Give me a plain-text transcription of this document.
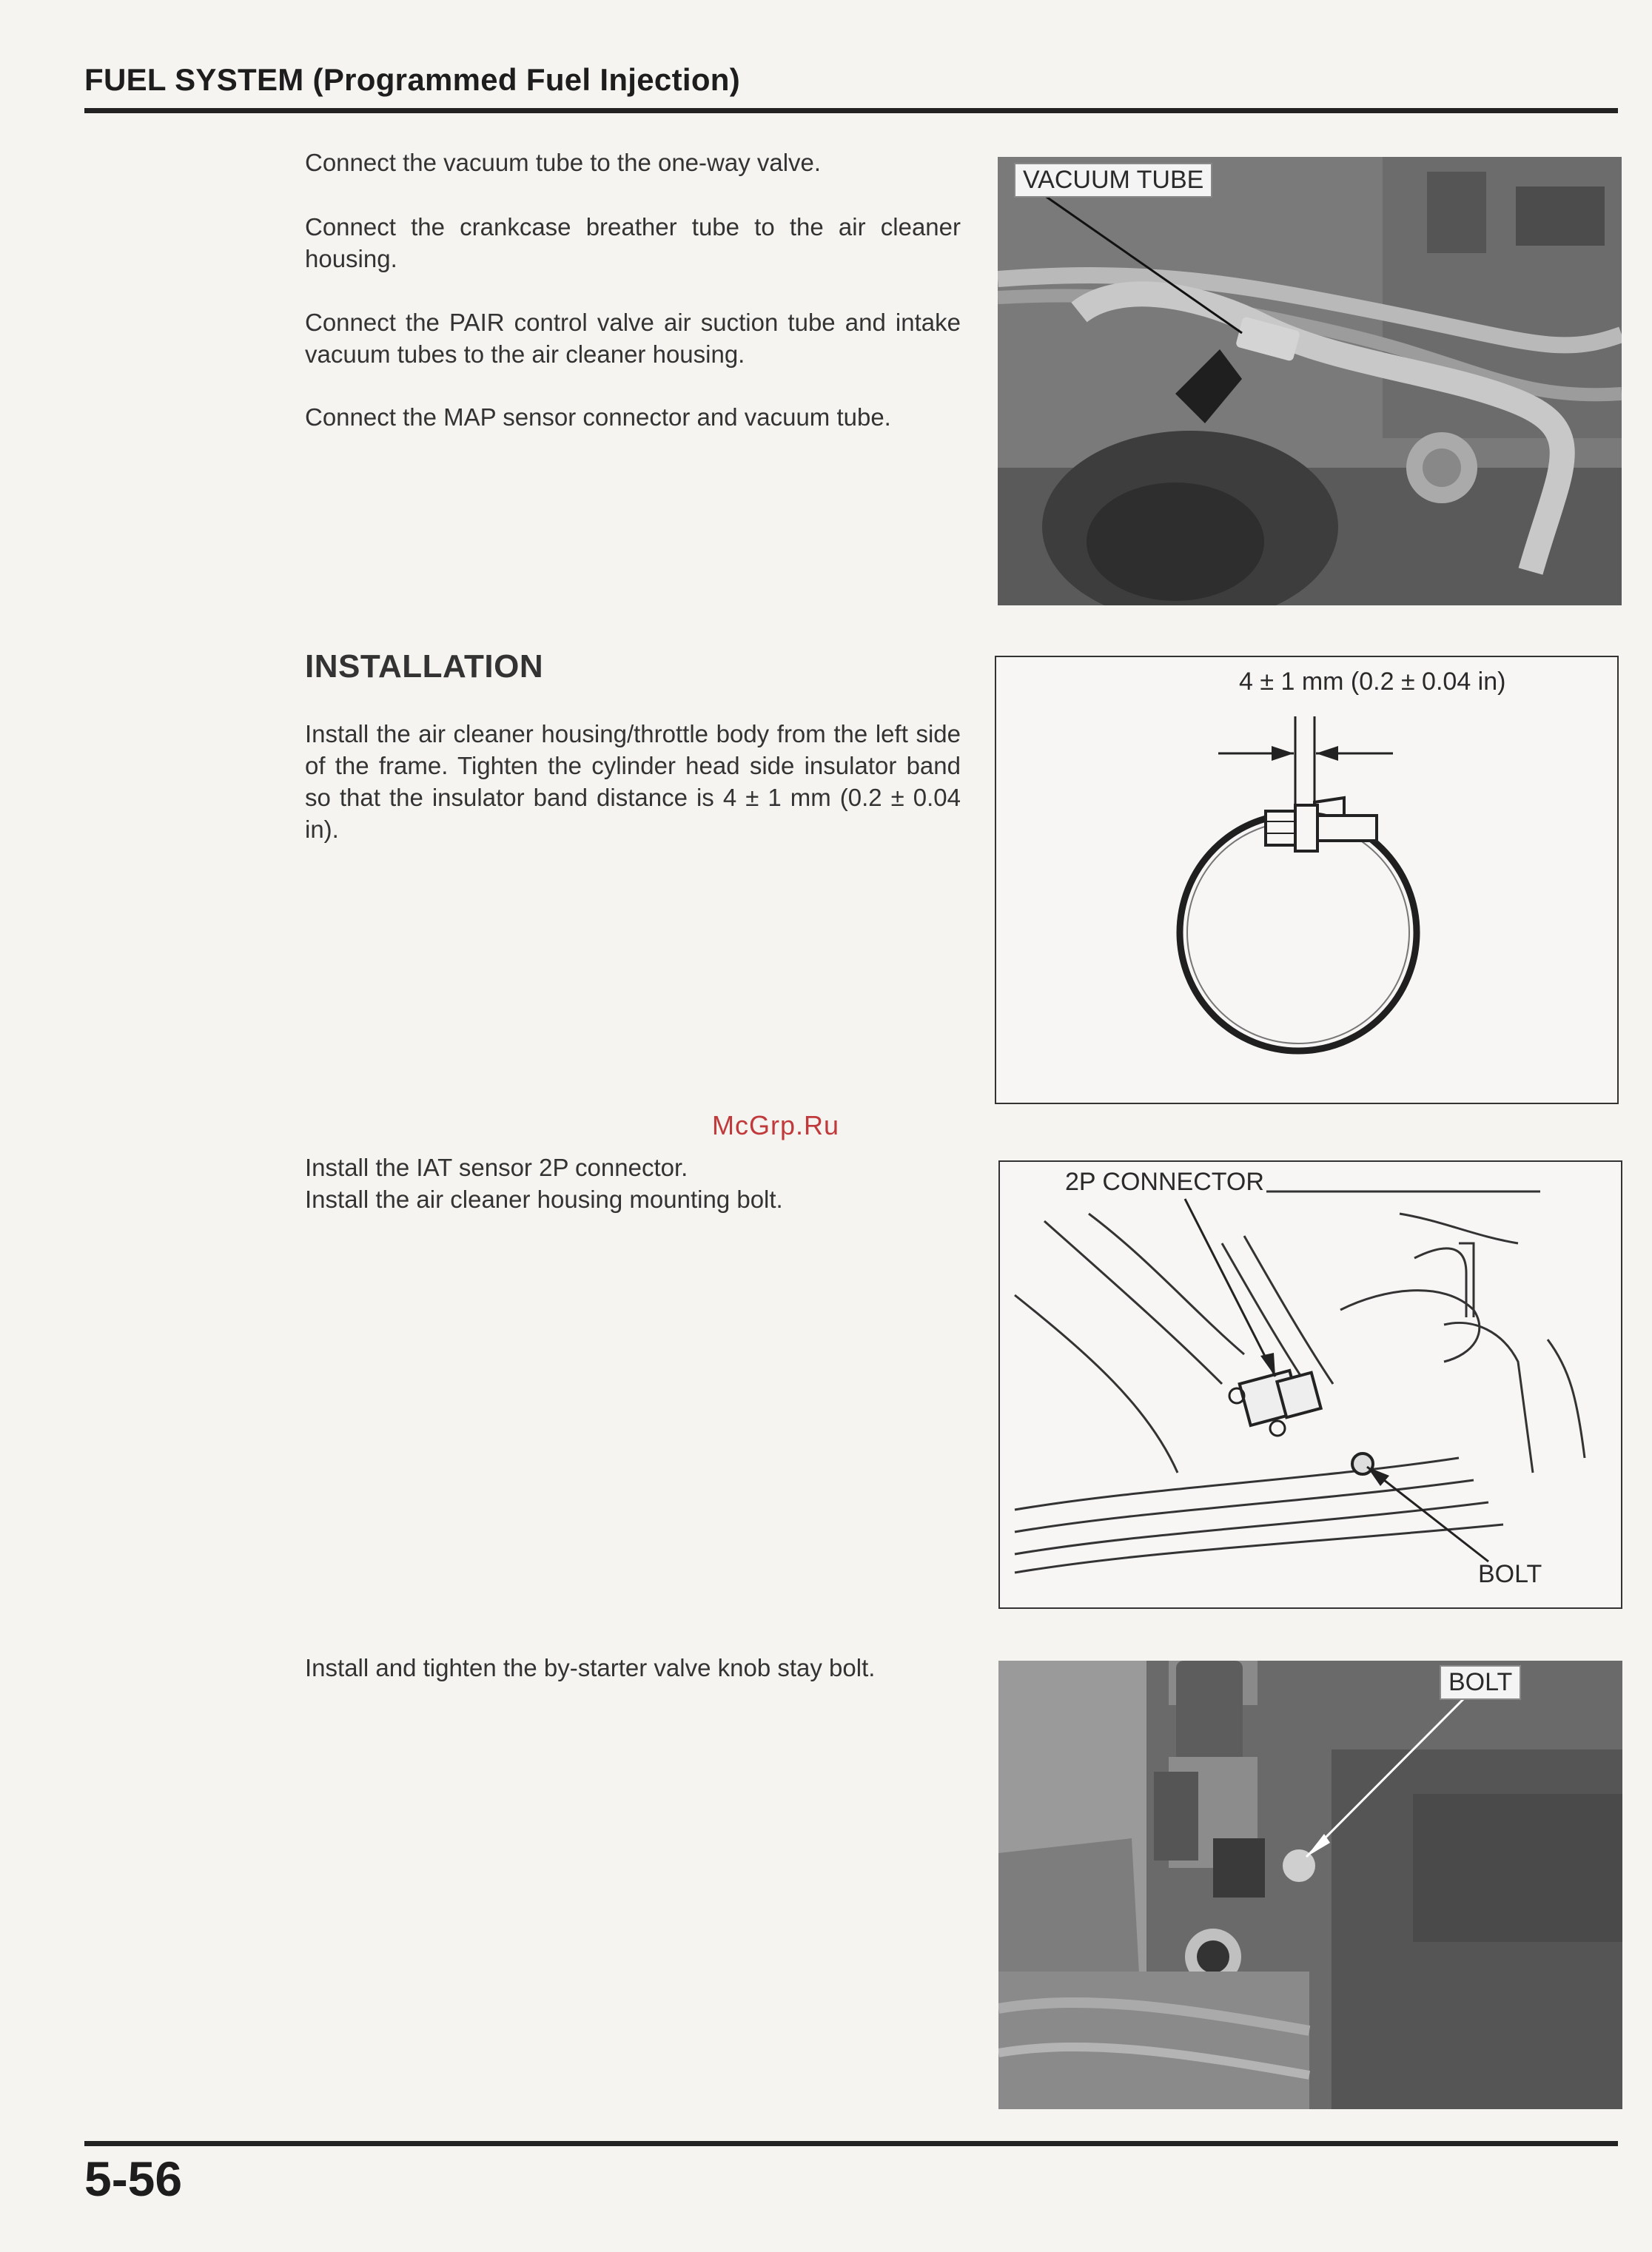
FUEL SYSTEM (Programmed Fuel Injection)

Connect the vacuum tube to the one-way valve.

Connect the crankcase breather tube to the air cleaner housing.

Connect the PAIR control valve air suction tube and intake vacuum tubes to the air cleaner housing.

Connect the MAP sensor connector and vacuum tube.

VACUUM TUBE
INSTALLATION

Install the air cleaner housing/throttle body from the left side of the frame. Tighten the cylinder head side insulator band so that the insulator band distance is 4 ± 1 mm (0.2 ± 0.04 in).

4 ± 1 mm (0.2 ± 0.04 in)
McGrp.Ru

Install the IAT sensor 2P connector.

Install the air cleaner housing mounting bolt.

2P CONNECTOR
BOLT

Install and tighten the by-starter valve knob stay bolt.

BOLT
5-56
